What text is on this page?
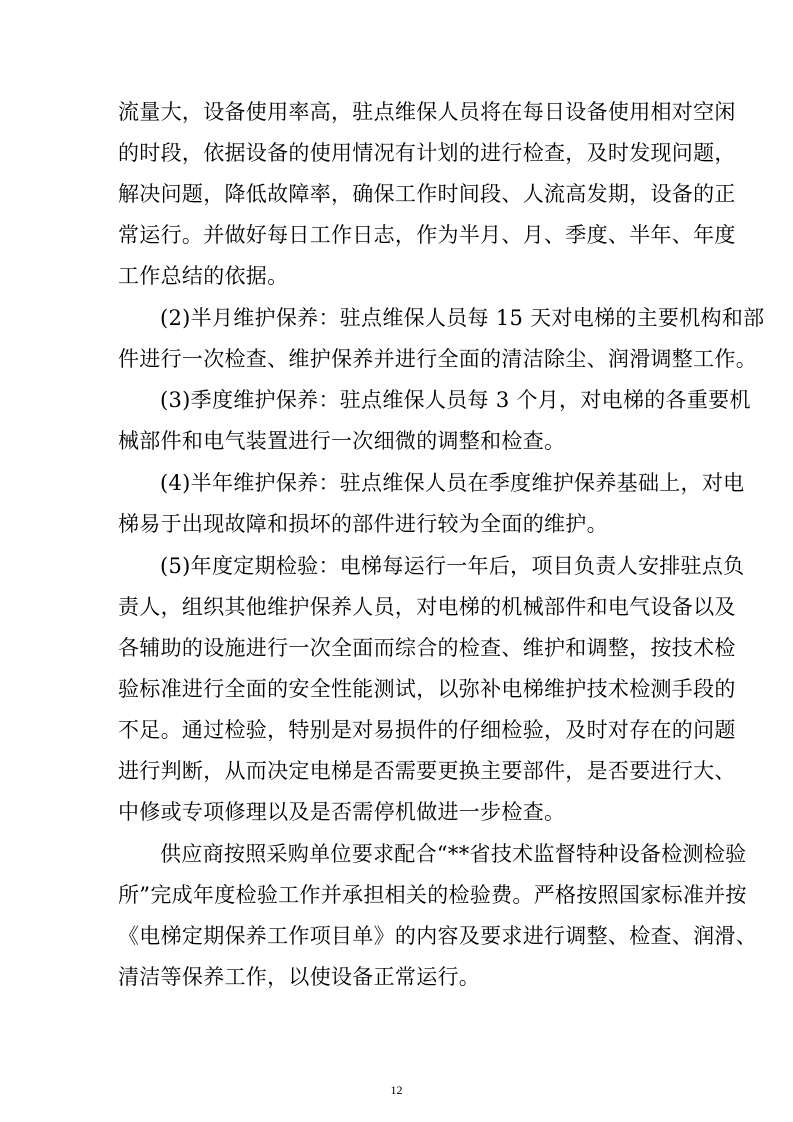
流量大，设备使用率高，驻点维保人员将在每日设备使用相对空闲
的时段，依据设备的使用情况有计划的进行检查，及时发现问题，
解决问题，降低故障率，确保工作时间段、人流高发期，设备的正
常运行。并做好每日工作日志，作为半月、月、季度、半年、年度
工作总结的依据。
(2)半月维护保养：驻点维保人员每 15 天对电梯的主要机构和部
件进行一次检查、维护保养并进行全面的清洁除尘、润滑调整工作。
(3)季度维护保养：驻点维保人员每 3 个月，对电梯的各重要机
械部件和电气装置进行一次细微的调整和检查。
(4)半年维护保养：驻点维保人员在季度维护保养基础上，对电
梯易于出现故障和损坏的部件进行较为全面的维护。
(5)年度定期检验：电梯每运行一年后，项目负责人安排驻点负
责人，组织其他维护保养人员，对电梯的机械部件和电气设备以及
各辅助的设施进行一次全面而综合的检查、维护和调整，按技术检
验标准进行全面的安全性能测试，以弥补电梯维护技术检测手段的
不足。通过检验，特别是对易损件的仔细检验，及时对存在的问题
进行判断，从而决定电梯是否需要更换主要部件，是否要进行大、
中修或专项修理以及是否需停机做进一步检查。
供应商按照采购单位要求配合“**省技术监督特种设备检测检验
所”完成年度检验工作并承担相关的检验费。严格按照国家标准并按
《电梯定期保养工作项目单》的内容及要求进行调整、检查、润滑、
清洁等保养工作，以使设备正常运行。
12
